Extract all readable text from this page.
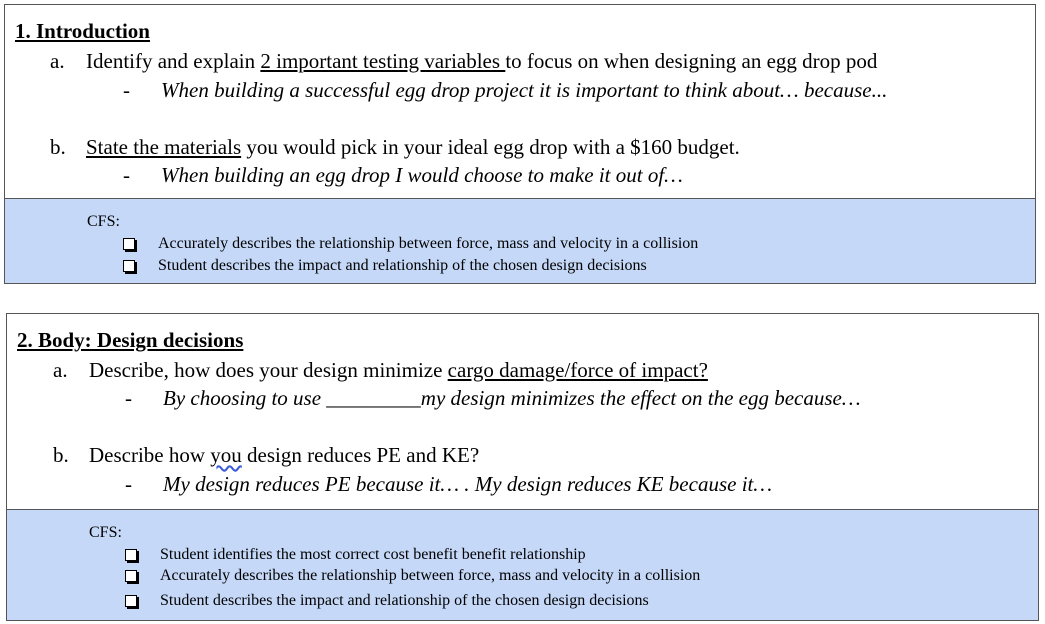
1. Introduction
a. Identify and explain 2 important testing variables to focus on when designing an egg drop pod
- When building a successful egg drop project it is important to think about… because...
b. State the materials you would pick in your ideal egg drop with a $160 budget.
- When building an egg drop I would choose to make it out of…
CFS:
Accurately describes the relationship between force, mass and velocity in a collision
Student describes the impact and relationship of the chosen design decisions
2. Body: Design decisions
a. Describe, how does your design minimize cargo damage/force of impact?
- By choosing to use _________my design minimizes the effect on the egg because…
b. Describe how you design reduces PE and KE?
- My design reduces PE because it… . My design reduces KE because it…
CFS:
Student identifies the most correct cost benefit benefit relationship
Accurately describes the relationship between force, mass and velocity in a collision
Student describes the impact and relationship of the chosen design decisions
